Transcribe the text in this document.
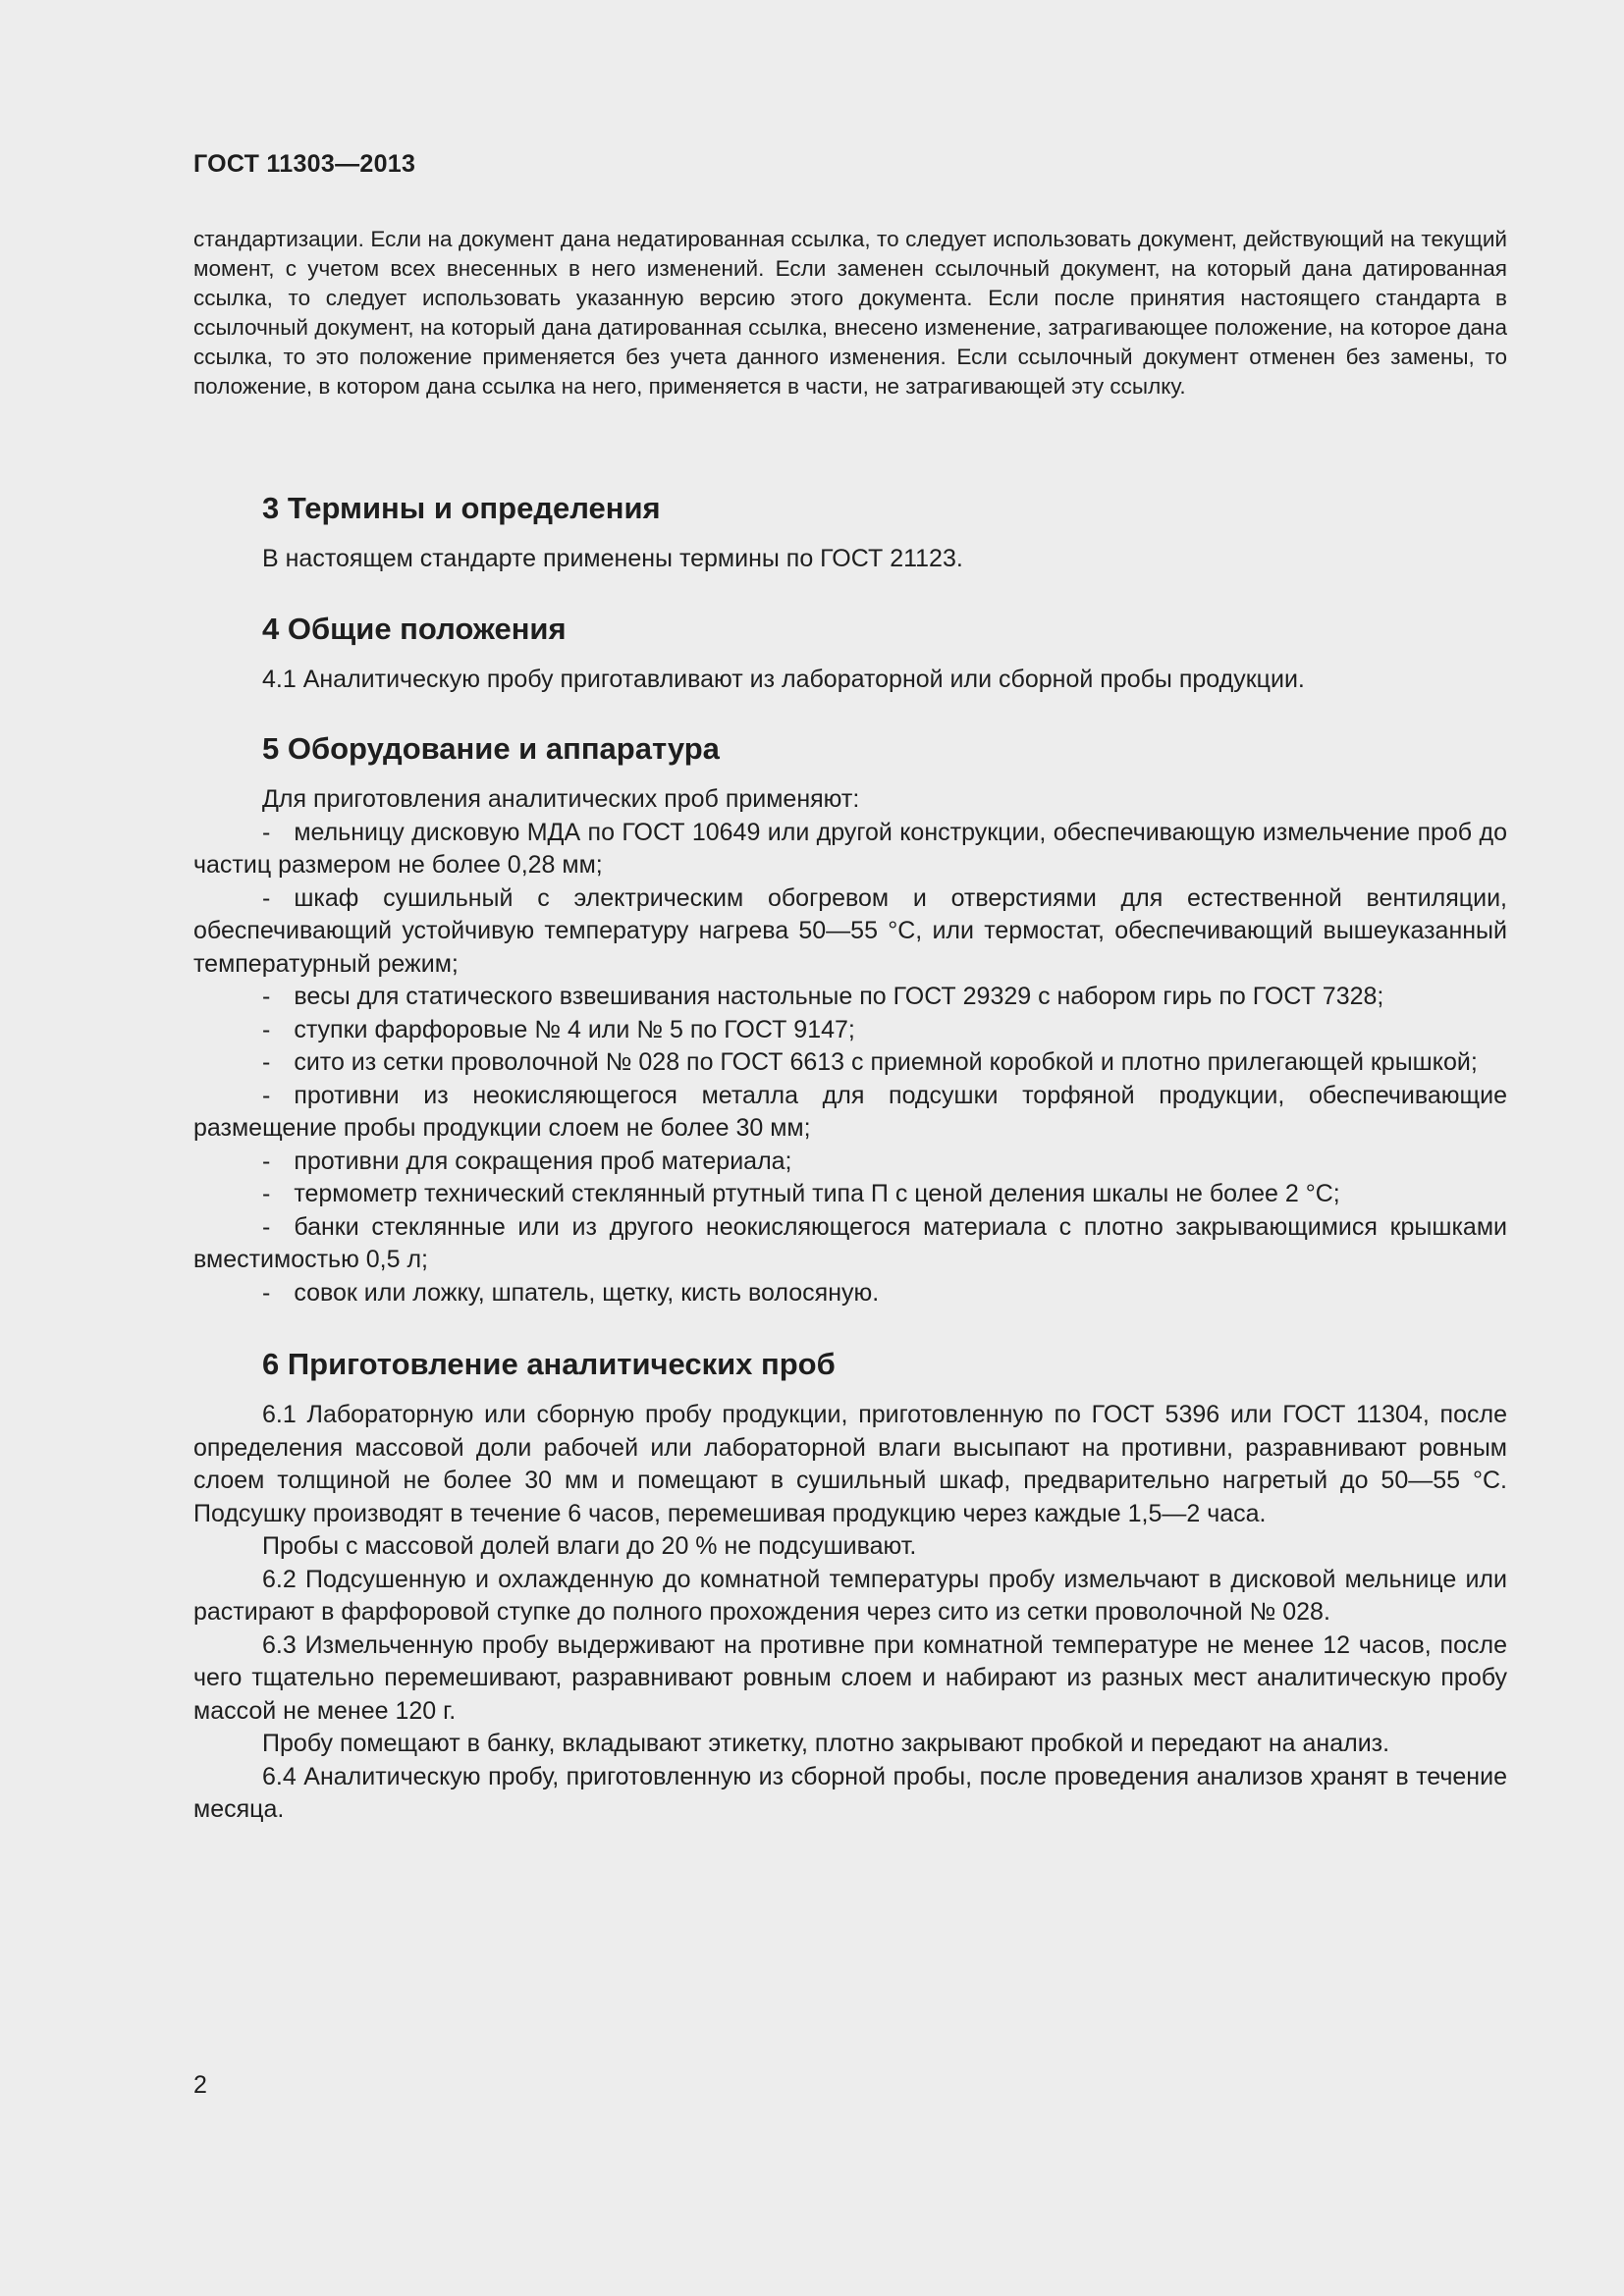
ГОСТ 11303—2013

стандартизации. Если на документ дана недатированная ссылка, то следует использовать документ, действующий на текущий момент, с учетом всех внесенных в него изменений. Если заменен ссылочный документ, на который дана датированная ссылка, то следует использовать указанную версию этого документа. Если после принятия настоящего стандарта в ссылочный документ, на который дана датированная ссылка, внесено изменение, затрагивающее положение, на которое дана ссылка, то это положение применяется без учета данного изменения. Если ссылочный документ отменен без замены, то положение, в котором дана ссылка на него, применяется в части, не затрагивающей эту ссылку.

3 Термины и определения

В настоящем стандарте применены термины по ГОСТ 21123.

4 Общие положения

4.1 Аналитическую пробу приготавливают из лабораторной или сборной пробы продукции.

5 Оборудование и аппаратура

Для приготовления аналитических проб применяют:

- мельницу дисковую МДА по ГОСТ 10649 или другой конструкции, обеспечивающую измельчение проб до частиц размером не более 0,28 мм;

- шкаф сушильный с электрическим обогревом и отверстиями для естественной вентиляции, обеспечивающий устойчивую температуру нагрева 50—55 °С, или термостат, обеспечивающий вышеуказанный температурный режим;

- весы для статического взвешивания настольные по ГОСТ 29329 с набором гирь по ГОСТ 7328;

- ступки фарфоровые № 4 или № 5 по ГОСТ 9147;

- сито из сетки проволочной № 028 по ГОСТ 6613 с приемной коробкой и плотно прилегающей крышкой;

- противни из неокисляющегося металла для подсушки торфяной продукции, обеспечивающие размещение пробы продукции слоем не более 30 мм;

- противни для сокращения проб материала;

- термометр технический стеклянный ртутный типа П с ценой деления шкалы не более 2 °С;

- банки стеклянные или из другого неокисляющегося материала с плотно закрывающимися крышками вместимостью 0,5 л;

- совок или ложку, шпатель, щетку, кисть волосяную.

6 Приготовление аналитических проб

6.1 Лабораторную или сборную пробу продукции, приготовленную по ГОСТ 5396 или ГОСТ 11304, после определения массовой доли рабочей или лабораторной влаги высыпают на противни, разравнивают ровным слоем толщиной не более 30 мм и помещают в сушильный шкаф, предварительно нагретый до 50—55 °С. Подсушку производят в течение 6 часов, перемешивая продукцию через каждые 1,5—2 часа.

Пробы с массовой долей влаги до 20 % не подсушивают.

6.2 Подсушенную и охлажденную до комнатной температуры пробу измельчают в дисковой мельнице или растирают в фарфоровой ступке до полного прохождения через сито из сетки проволочной № 028.

6.3 Измельченную пробу выдерживают на противне при комнатной температуре не менее 12 часов, после чего тщательно перемешивают, разравнивают ровным слоем и набирают из разных мест аналитическую пробу массой не менее 120 г.

Пробу помещают в банку, вкладывают этикетку, плотно закрывают пробкой и передают на анализ.

6.4 Аналитическую пробу, приготовленную из сборной пробы, после проведения анализов хранят в течение месяца.

2
